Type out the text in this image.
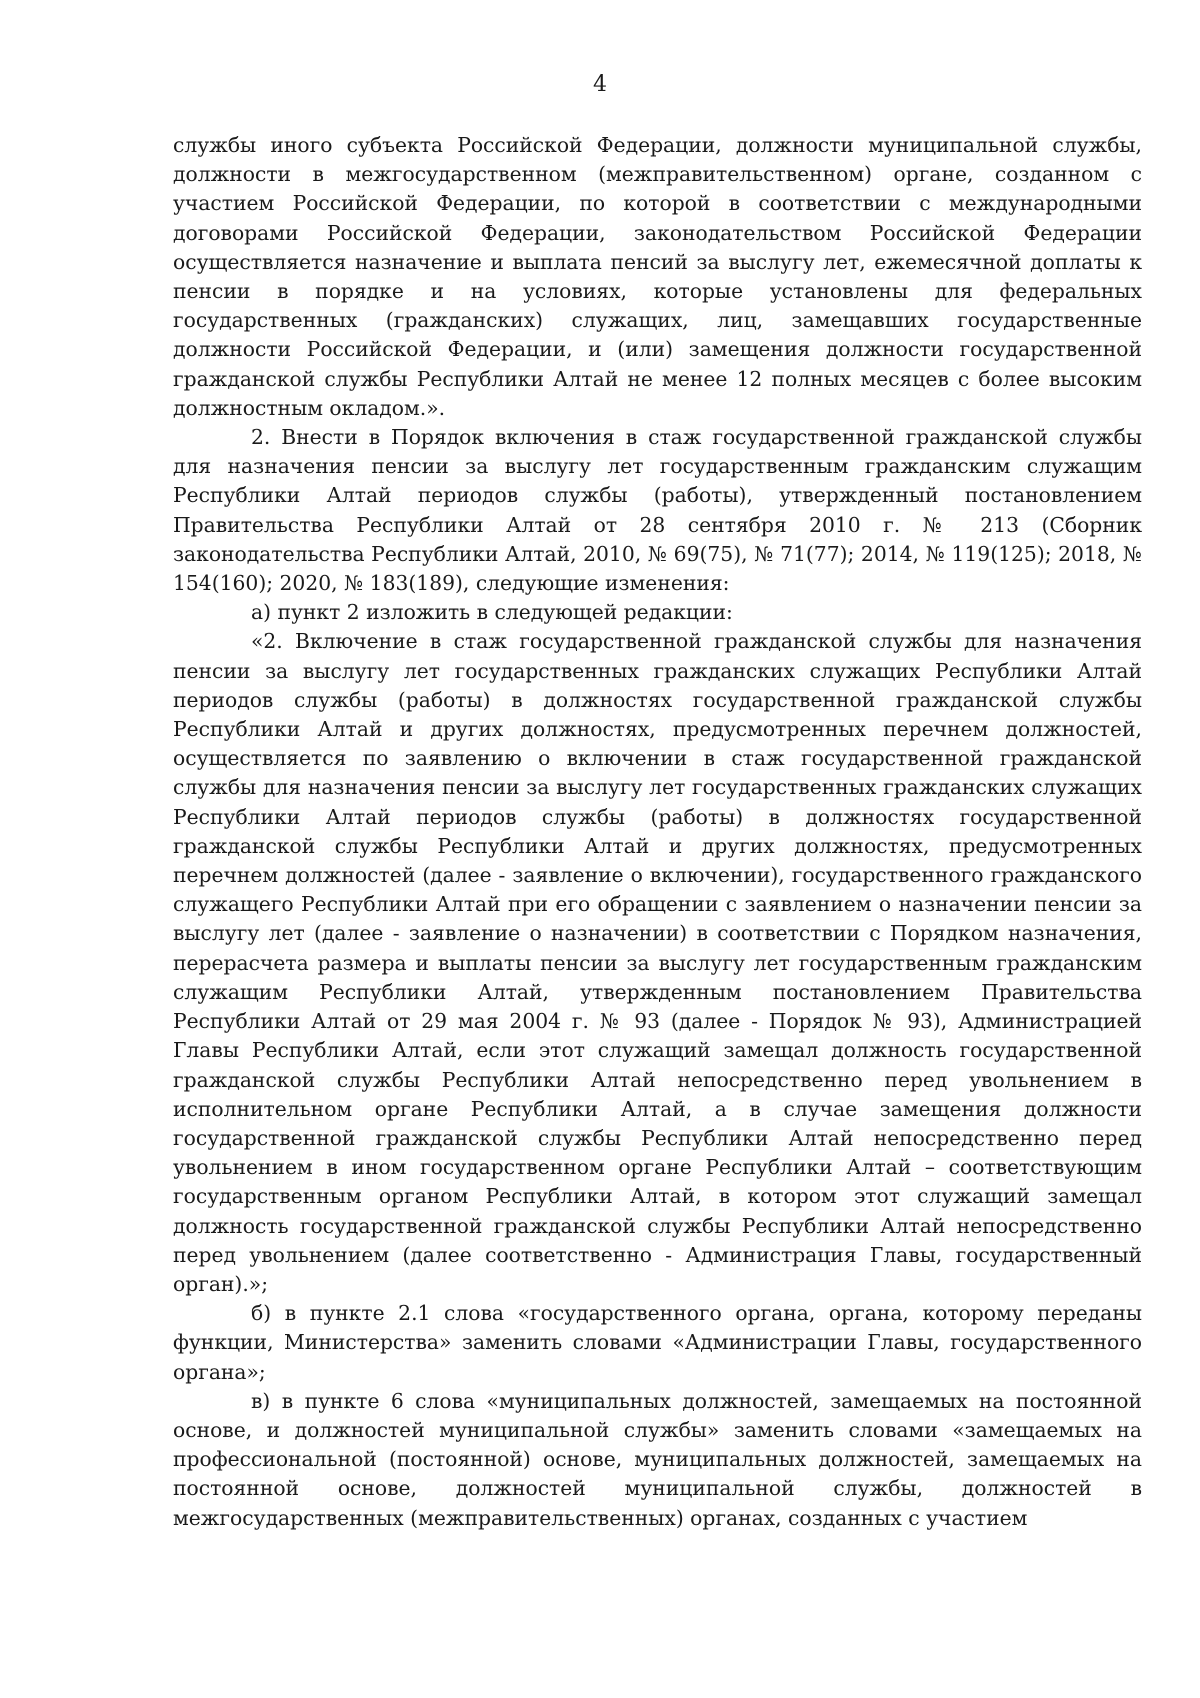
4

службы иного субъекта Российской Федерации, должности муниципальной службы, должности в межгосударственном (межправительственном) органе, созданном с участием Российской Федерации, по которой в соответствии с международными договорами Российской Федерации, законодательством Российской Федерации осуществляется назначение и выплата пенсий за выслугу лет, ежемесячной доплаты к пенсии в порядке и на условиях, которые установлены для федеральных государственных (гражданских) служащих, лиц, замещавших государственные должности Российской Федерации, и (или) замещения должности государственной гражданской службы Республики Алтай не менее 12 полных месяцев с более высоким должностным окладом.».

2. Внести в Порядок включения в стаж государственной гражданской службы для назначения пенсии за выслугу лет государственным гражданским служащим Республики Алтай периодов службы (работы), утвержденный постановлением Правительства Республики Алтай от 28 сентября 2010 г. № 213 (Сборник законодательства Республики Алтай, 2010, № 69(75), № 71(77); 2014, № 119(125); 2018, № 154(160); 2020, № 183(189), следующие изменения:

а) пункт 2 изложить в следующей редакции:

«2. Включение в стаж государственной гражданской службы для назначения пенсии за выслугу лет государственных гражданских служащих Республики Алтай периодов службы (работы) в должностях государственной гражданской службы Республики Алтай и других должностях, предусмотренных перечнем должностей, осуществляется по заявлению о включении в стаж государственной гражданской службы для назначения пенсии за выслугу лет государственных гражданских служащих Республики Алтай периодов службы (работы) в должностях государственной гражданской службы Республики Алтай и других должностях, предусмотренных перечнем должностей (далее - заявление о включении), государственного гражданского служащего Республики Алтай при его обращении с заявлением о назначении пенсии за выслугу лет (далее - заявление о назначении) в соответствии с Порядком назначения, перерасчета размера и выплаты пенсии за выслугу лет государственным гражданским служащим Республики Алтай, утвержденным постановлением Правительства Республики Алтай от 29 мая 2004 г. № 93 (далее - Порядок № 93), Администрацией Главы Республики Алтай, если этот служащий замещал должность государственной гражданской службы Республики Алтай непосредственно перед увольнением в исполнительном органе Республики Алтай, а в случае замещения должности государственной гражданской службы Республики Алтай непосредственно перед увольнением в ином государственном органе Республики Алтай – соответствующим государственным органом Республики Алтай, в котором этот служащий замещал должность государственной гражданской службы Республики Алтай непосредственно перед увольнением (далее соответственно - Администрация Главы, государственный орган).»;

б) в пункте 2.1 слова «государственного органа, органа, которому переданы функции, Министерства» заменить словами «Администрации Главы, государственного органа»;

в) в пункте 6 слова «муниципальных должностей, замещаемых на постоянной основе, и должностей муниципальной службы» заменить словами «замещаемых на профессиональной (постоянной) основе, муниципальных должностей, замещаемых на постоянной основе, должностей муниципальной службы, должностей в межгосударственных (межправительственных) органах, созданных с участием
